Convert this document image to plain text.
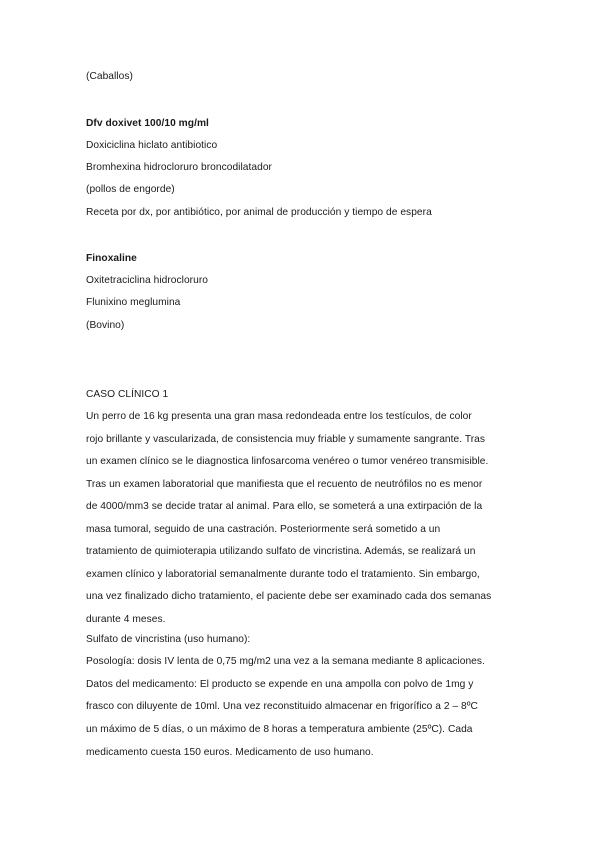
(Caballos)

Dfv doxivet 100/10 mg/ml

Doxiciclina hiclato antibiotico

Bromhexina hidrocloruro broncodilatador

(pollos de engorde)

Receta por dx, por antibiótico, por animal de producción y tiempo de espera

Finoxaline

Oxitetraciclina hidrocloruro

Flunixino meglumina

(Bovino)

CASO CLÍNICO 1

Un perro de 16 kg presenta una gran masa redondeada entre los testículos, de color

rojo brillante y vascularizada, de consistencia muy friable y sumamente sangrante. Tras

un examen clínico se le diagnostica linfosarcoma venéreo o tumor venéreo transmisible.

Tras un examen laboratorial que manifiesta que el recuento de neutrófilos no es menor

de 4000/mm3 se decide tratar al animal. Para ello, se someterá a una extirpación de la

masa tumoral, seguido de una castración. Posteriormente será sometido a un

tratamiento de quimioterapia utilizando sulfato de vincristina. Además, se realizará un

examen clínico y laboratorial semanalmente durante todo el tratamiento. Sin embargo,

una vez finalizado dicho tratamiento, el paciente debe ser examinado cada dos semanas

durante 4 meses.

Sulfato de vincristina (uso humano):

Posología: dosis IV lenta de 0,75 mg/m2 una vez a la semana mediante 8 aplicaciones.

Datos del medicamento: El producto se expende en una ampolla con polvo de 1mg y

frasco con diluyente de 10ml. Una vez reconstituido almacenar en frigorífico a 2 – 8ºC

un máximo de 5 días, o un máximo de 8 horas a temperatura ambiente (25ºC). Cada

medicamento cuesta 150 euros. Medicamento de uso humano.
